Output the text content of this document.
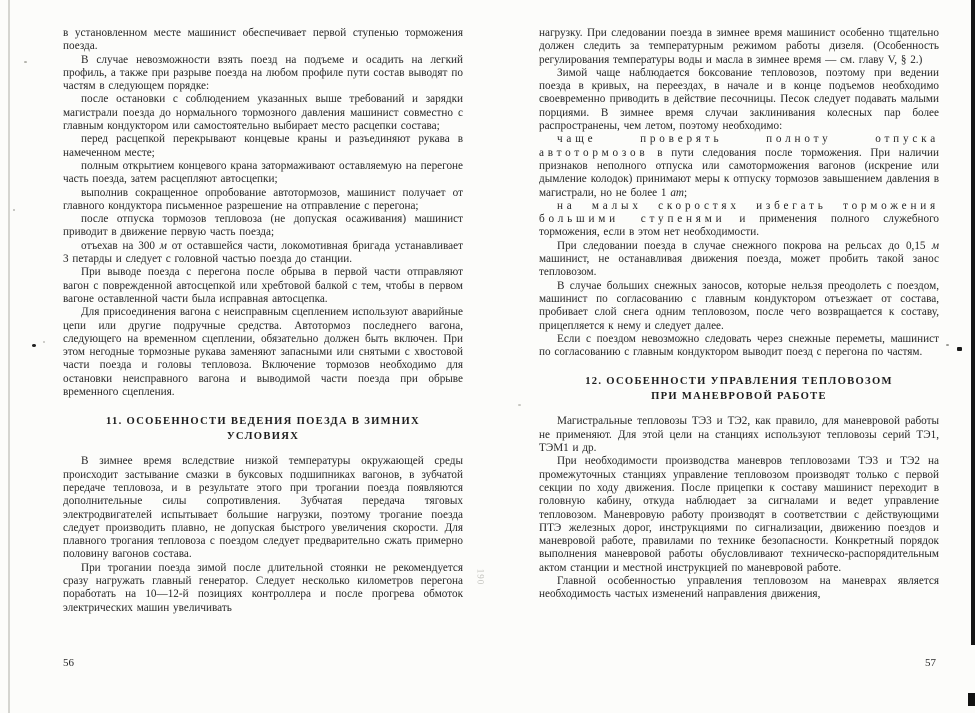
в установленном месте машинист обеспечивает первой ступенью торможения поезда.

В случае невозможности взять поезд на подъеме и осадить на легкий профиль, а также при разрыве поезда на любом профиле пути состав выводят по частям в следующем порядке:

после остановки с соблюдением указанных выше требований и зарядки магистрали поезда до нормального тормозного давления машинист совместно с главным кондуктором или самостоятельно выбирает место расцепки состава;

перед расцепкой перекрывают концевые краны и разъединяют рукава в намеченном месте;

полным открытием концевого крана затормаживают оставляемую на перегоне часть поезда, затем расцепляют автосцепки;

выполнив сокращенное опробование автотормозов, машинист получает от главного кондуктора письменное разрешение на отправление с перегона;

после отпуска тормозов тепловоза (не допуская осаживания) машинист приводит в движение первую часть поезда;

отъехав на 300 м от оставшейся части, локомотивная бригада устанавливает 3 петарды и следует с головной частью поезда до станции.

При выводе поезда с перегона после обрыва в первой части отправляют вагон с поврежденной автосцепкой или хребтовой балкой с тем, чтобы в первом вагоне оставленной части была исправная автосцепка.

Для присоединения вагона с неисправным сцеплением используют аварийные цепи или другие подручные средства. Автотормоз последнего вагона, следующего на временном сцеплении, обязательно должен быть включен. При этом негодные тормозные рукава заменяют запасными или снятыми с хвостовой части поезда и головы тепловоза. Включение тормозов необходимо для остановки неисправного вагона и выводимой части поезда при обрыве временного сцепления.

11. ОСОБЕННОСТИ ВЕДЕНИЯ ПОЕЗДА В ЗИМНИХ УСЛОВИЯХ

В зимнее время вследствие низкой температуры окружающей среды происходит застывание смазки в буксовых подшипниках вагонов, в зубчатой передаче тепловоза, и в результате этого при трогании поезда появляются дополнительные силы сопротивления. Зубчатая передача тяговых электродвигателей испытывает большие нагрузки, поэтому трогание поезда следует производить плавно, не допуская быстрого увеличения скорости. Для плавного трогания тепловоза с поездом следует предварительно сжать примерно половину вагонов состава.

При трогании поезда зимой после длительной стоянки не рекомендуется сразу нагружать главный генератор. Следует несколько километров перегона поработать на 10—12-й позициях контроллера и после прогрева обмоток электрических машин увеличивать

нагрузку. При следовании поезда в зимнее время машинист особенно тщательно должен следить за температурным режимом работы дизеля. (Особенность регулирования температуры воды и масла в зимнее время — см. главу V, § 2.)

Зимой чаще наблюдается боксование тепловозов, поэтому при ведении поезда в кривых, на переездах, в начале и в конце подъемов необходимо своевременно приводить в действие песочницы. Песок следует подавать малыми порциями. В зимнее время случаи заклинивания колесных пар более распространены, чем летом, поэтому необходимо:

чаще проверять полноту отпуска автотормозов в пути следования после торможения. При наличии признаков неполного отпуска или самоторможения вагонов (искрение или дымление колодок) принимают меры к отпуску тормозов завышением давления в магистрали, но не более 1 ат;

на малых скоростях избегать торможения большими ступенями и применения полного служебного торможения, если в этом нет необходимости.

При следовании поезда в случае снежного покрова на рельсах до 0,15 м машинист, не останавливая движения поезда, может пробить такой занос тепловозом.

В случае больших снежных заносов, которые нельзя преодолеть с поездом, машинист по согласованию с главным кондуктором отъезжает от состава, пробивает слой снега одним тепловозом, после чего возвращается к составу, прицепляется к нему и следует далее.

Если с поездом невозможно следовать через снежные переметы, машинист по согласованию с главным кондуктором выводит поезд с перегона по частям.

12. ОСОБЕННОСТИ УПРАВЛЕНИЯ ТЕПЛОВОЗОМ
ПРИ МАНЕВРОВОЙ РАБОТЕ

Магистральные тепловозы ТЭ3 и ТЭ2, как правило, для маневровой работы не применяют. Для этой цели на станциях используют тепловозы серий ТЭ1, ТЭМ1 и др.

При необходимости производства маневров тепловозами ТЭ3 и ТЭ2 на промежуточных станциях управление тепловозом производят только с первой секции по ходу движения. После прицепки к составу машинист переходит в головную кабину, откуда наблюдает за сигналами и ведет управление тепловозом. Маневровую работу производят в соответствии с действующими ПТЭ железных дорог, инструкциями по сигнализации, движению поездов и маневровой работе, правилами по технике безопасности. Конкретный порядок выполнения маневровой работы обусловливают техническо-распорядительным актом станции и местной инструкцией по маневровой работе.

Главной особенностью управления тепловозом на маневрах является необходимость частых изменений направления движения,

56	57
190
